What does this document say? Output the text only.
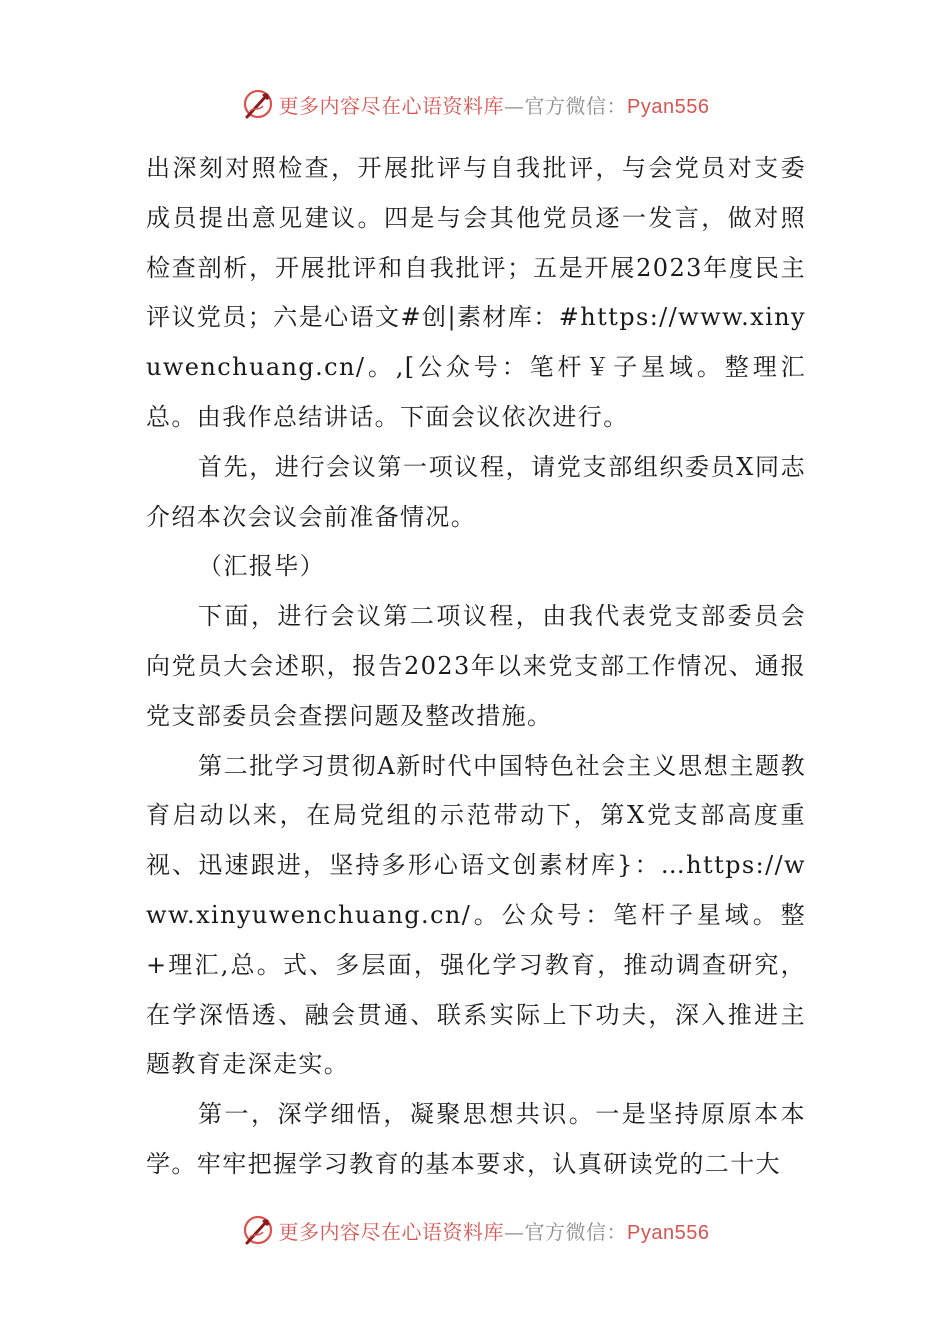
更多内容尽在心语资料库—官方微信：Pyan556

出深刻对照检查，开展批评与自我批评，与会党员对支委成员提出意见建议。四是与会其他党员逐一发言，做对照检查剖析，开展批评和自我批评；五是开展2023年度民主评议党员；六是心语文#创|素材库：#https://www.xinyuwenchuang.cn/。,[公众号：笔杆￥子星域。整理汇总。由我作总结讲话。下面会议依次进行。

首先，进行会议第一项议程，请党支部组织委员X同志介绍本次会议会前准备情况。

（汇报毕）

下面，进行会议第二项议程，由我代表党支部委员会向党员大会述职，报告2023年以来党支部工作情况、通报党支部委员会查摆问题及整改措施。

第二批学习贯彻A新时代中国特色社会主义思想主题教育启动以来，在局党组的示范带动下，第X党支部高度重视、迅速跟进，坚持多形心语文创素材库}：…https://www.xinyuwenchuang.cn/。公众号：笔杆子星域。整+理汇,总。式、多层面，强化学习教育，推动调查研究，在学深悟透、融会贯通、联系实际上下功夫，深入推进主题教育走深走实。

第一，深学细悟，凝聚思想共识。一是坚持原原本本学。牢牢把握学习教育的基本要求，认真研读党的二十大

更多内容尽在心语资料库—官方微信：Pyan556
